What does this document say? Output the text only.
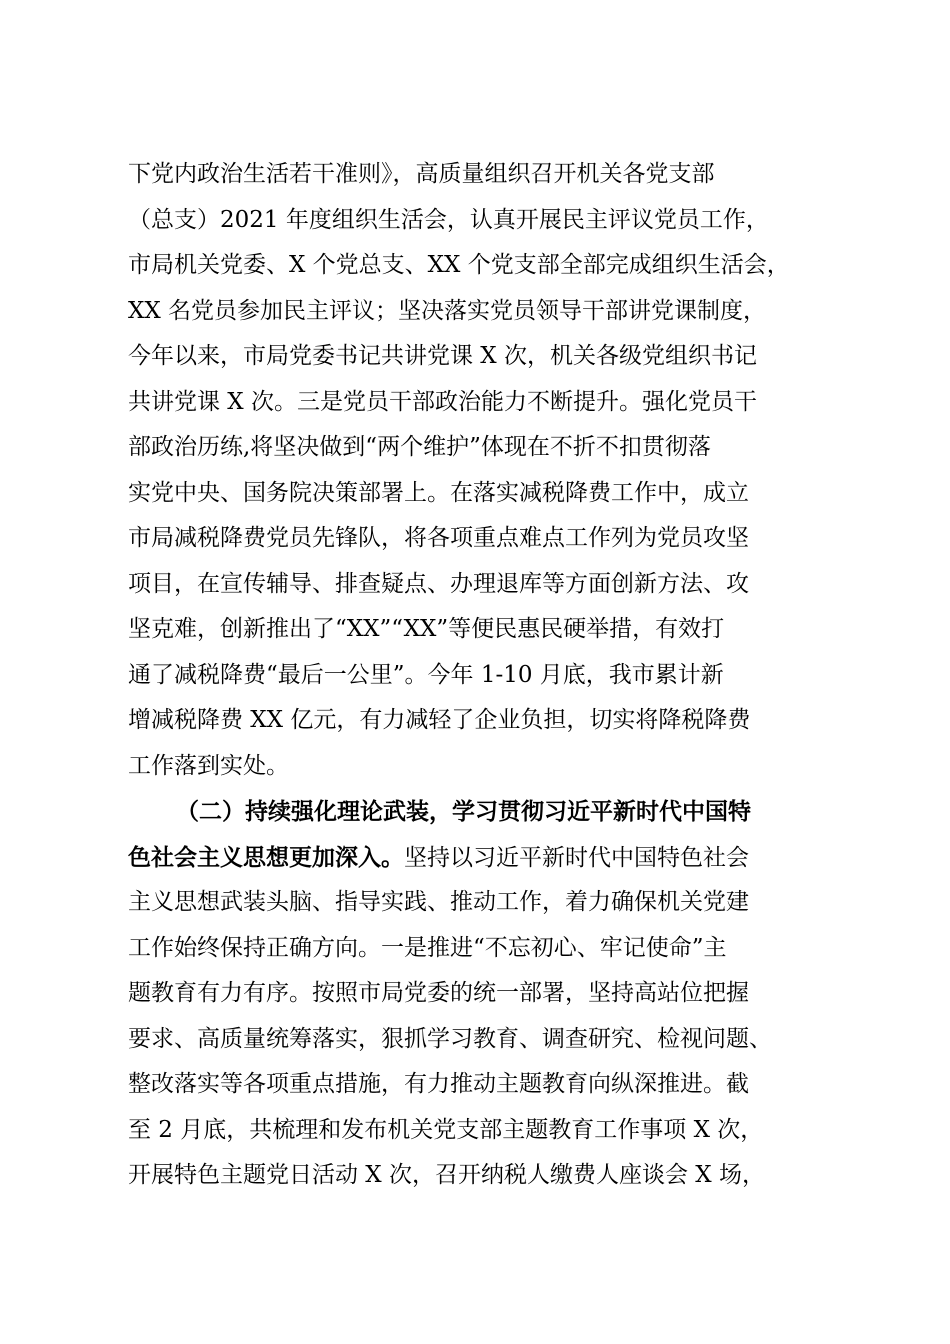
下党内政治生活若干准则》，高质量组织召开机关各党支部
（总支）2021 年度组织生活会，认真开展民主评议党员工作，
市局机关党委、X 个党总支、XX 个党支部全部完成组织生活会，
XX 名党员参加民主评议；坚决落实党员领导干部讲党课制度，
今年以来，市局党委书记共讲党课 X 次，机关各级党组织书记
共讲党课 X 次。三是党员干部政治能力不断提升。强化党员干
部政治历练,将坚决做到“两个维护”体现在不折不扣贯彻落
实党中央、国务院决策部署上。在落实减税降费工作中，成立
市局减税降费党员先锋队，将各项重点难点工作列为党员攻坚
项目，在宣传辅导、排查疑点、办理退库等方面创新方法、攻
坚克难，创新推出了“XX”“XX”等便民惠民硬举措，有效打
通了减税降费“最后一公里”。今年 1-10 月底，我市累计新
增减税降费 XX 亿元，有力减轻了企业负担，切实将降税降费
工作落到实处。
（二）持续强化理论武装，学习贯彻习近平新时代中国特
色社会主义思想更加深入。坚持以习近平新时代中国特色社会
主义思想武装头脑、指导实践、推动工作，着力确保机关党建
工作始终保持正确方向。一是推进“不忘初心、牢记使命”主
题教育有力有序。按照市局党委的统一部署，坚持高站位把握
要求、高质量统筹落实，狠抓学习教育、调查研究、检视问题、
整改落实等各项重点措施，有力推动主题教育向纵深推进。截
至 2 月底，共梳理和发布机关党支部主题教育工作事项 X 次，
开展特色主题党日活动 X 次，召开纳税人缴费人座谈会 X 场，
